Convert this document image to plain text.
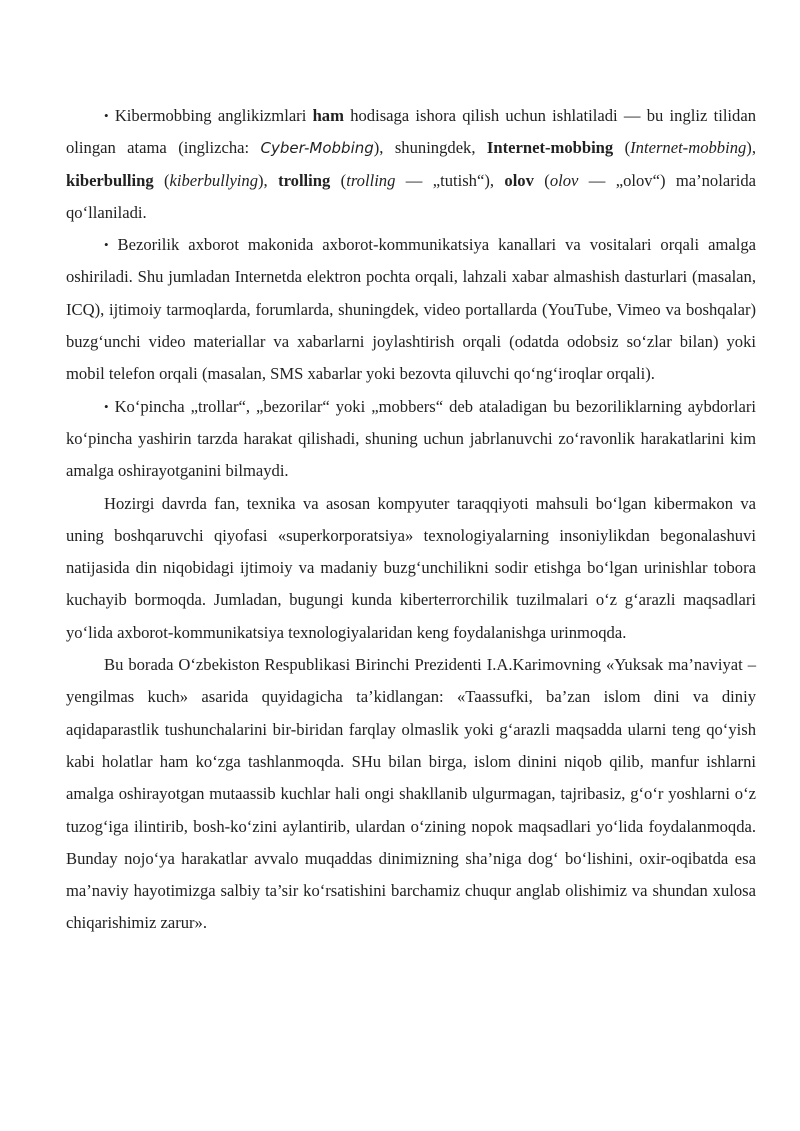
• Kibermobbing anglikizmlari ham hodisaga ishora qilish uchun ishlatiladi — bu ingliz tilidan olingan atama (inglizcha: Cyber-Mobbing), shuningdek, Internet-mobbing (Internet-mobbing), kiberbulling (kiberbullying), trolling (trolling — „tutish“), olov (olov — „olov“) ma’nolarida qo‘llaniladi.

• Bezorilik axborot makonida axborot-kommunikatsiya kanallari va vositalari orqali amalga oshiriladi. Shu jumladan Internetda elektron pochta orqali, lahzali xabar almashish dasturlari (masalan, ICQ), ijtimoiy tarmoqlarda, forumlarda, shuningdek, video portallarda (YouTube, Vimeo va boshqalar) buzg‘unchi video materiallar va xabarlarni joylashtirish orqali (odatda odobsiz so‘zlar bilan) yoki mobil telefon orqali (masalan, SMS xabarlar yoki bezovta qiluvchi qo‘ng‘iroqlar orqali).

• Ko‘pincha „trollar“, „bezorilar“ yoki „mobbers“ deb ataladigan bu bezoriliklarning aybdorlari ko‘pincha yashirin tarzda harakat qilishadi, shuning uchun jabrlanuvchi zo‘ravonlik harakatlarini kim amalga oshirayotganini bilmaydi.

Hozirgi davrda fan, texnika va asosan kompyuter taraqqiyoti mahsuli bo‘lgan kibermakon va uning boshqaruvchi qiyofasi «superkorporatsiya» texnologiyalarning insoniylikdan begonalashuvi natijasida din niqobidagi ijtimoiy va madaniy buzg‘unchilikni sodir etishga bo‘lgan urinishlar tobora kuchayib bormoqda. Jumladan, bugungi kunda kiberterrorchilik tuzilmalari o‘z g‘arazli maqsadlari yo‘lida axborot-kommunikatsiya texnologiyalaridan keng foydalanishga urinmoqda.

Bu borada O‘zbekiston Respublikasi Birinchi Prezidenti I.A.Karimovning «Yuksak ma’naviyat – yengilmas kuch» asarida quyidagicha ta’kidlangan: «Taassufki, ba’zan islom dini va diniy aqidaparastlik tushunchalarini bir-biridan farqlay olmaslik yoki g‘arazli maqsadda ularni teng qo‘yish kabi holatlar ham ko‘zga tashlanmoqda. SHu bilan birga, islom dinini niqob qilib, manfur ishlarni amalga oshirayotgan mutaassib kuchlar hali ongi shakllanib ulgurmagan, tajribasiz, g‘o‘r yoshlarni o‘z tuzog‘iga ilintirib, bosh-ko‘zini aylantirib, ulardan o‘zining nopok maqsadlari yo‘lida foydalanmoqda. Bunday nojo‘ya harakatlar avvalo muqaddas dinimizning sha’niga dog‘ bo‘lishini, oxir-oqibatda esa ma’naviy hayotimizga salbiy ta’sir ko‘rsatishini barchamiz chuqur anglab olishimiz va shundan xulosa chiqarishimiz zarur».
